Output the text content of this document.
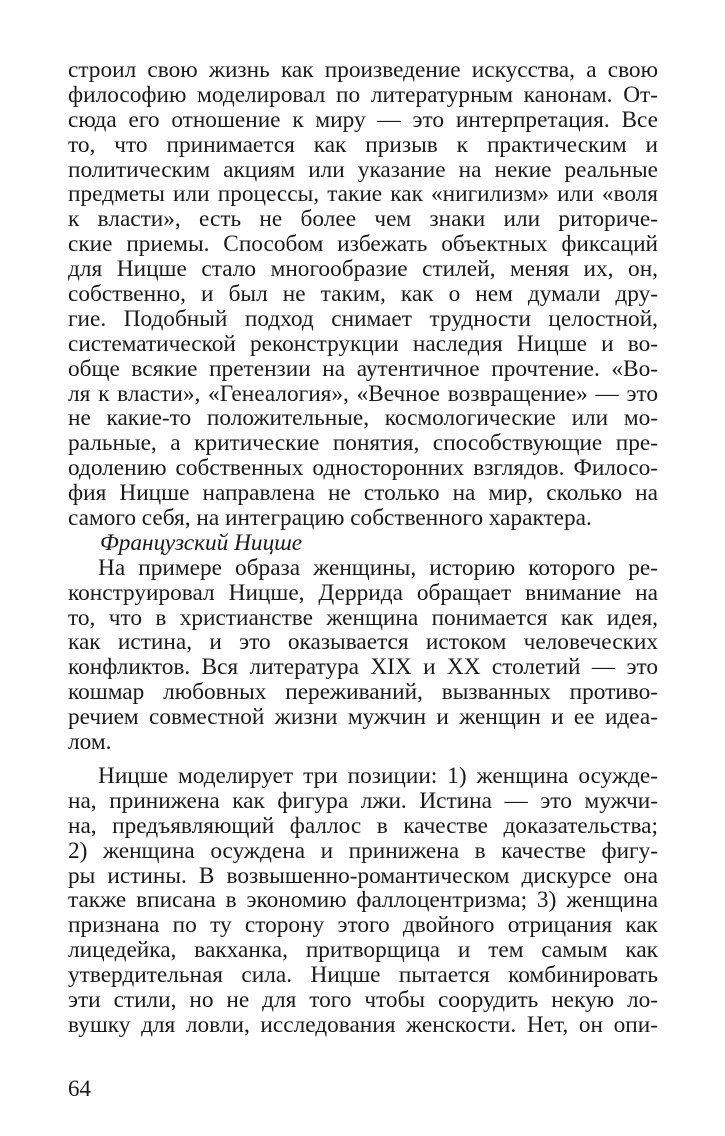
строил свою жизнь как произведение искусства, а свою
философию моделировал по литературным канонам. От-
сюда его отношение к миру — это интерпретация. Все
то, что принимается как призыв к практическим и
политическим акциям или указание на некие реальные
предметы или процессы, такие как «нигилизм» или «воля
к власти», есть не более чем знаки или риториче-
ские приемы. Способом избежать объектных фиксаций
для Ницше стало многообразие стилей, меняя их, он,
собственно, и был не таким, как о нем думали дру-
гие. Подобный подход снимает трудности целостной,
систематической реконструкции наследия Ницше и во-
обще всякие претензии на аутентичное прочтение. «Во-
ля к власти», «Генеалогия», «Вечное возвращение» — это
не какие-то положительные, космологические или мо-
ральные, а критические понятия, способствующие пре-
одолению собственных односторонних взглядов. Филосо-
фия Ницше направлена не столько на мир, сколько на
самого себя, на интеграцию собственного характера.
Французский Ницше
На примере образа женщины, историю которого ре-
конструировал Ницше, Деррида обращает внимание на
то, что в христианстве женщина понимается как идея,
как истина, и это оказывается истоком человеческих
конфликтов. Вся литература XIX и XX столетий — это
кошмар любовных переживаний, вызванных противо-
речием совместной жизни мужчин и женщин и ее идеа-
лом.
Ницше моделирует три позиции: 1) женщина осужде-
на, принижена как фигура лжи. Истина — это мужчи-
на, предъявляющий фаллос в качестве доказательства;
2) женщина осуждена и принижена в качестве фигу-
ры истины. В возвышенно-романтическом дискурсе она
также вписана в экономию фаллоцентризма; 3) женщина
признана по ту сторону этого двойного отрицания как
лицедейка, вакханка, притворщица и тем самым как
утвердительная сила. Ницше пытается комбинировать
эти стили, но не для того чтобы соорудить некую ло-
вушку для ловли, исследования женскости. Нет, он опи-
64
